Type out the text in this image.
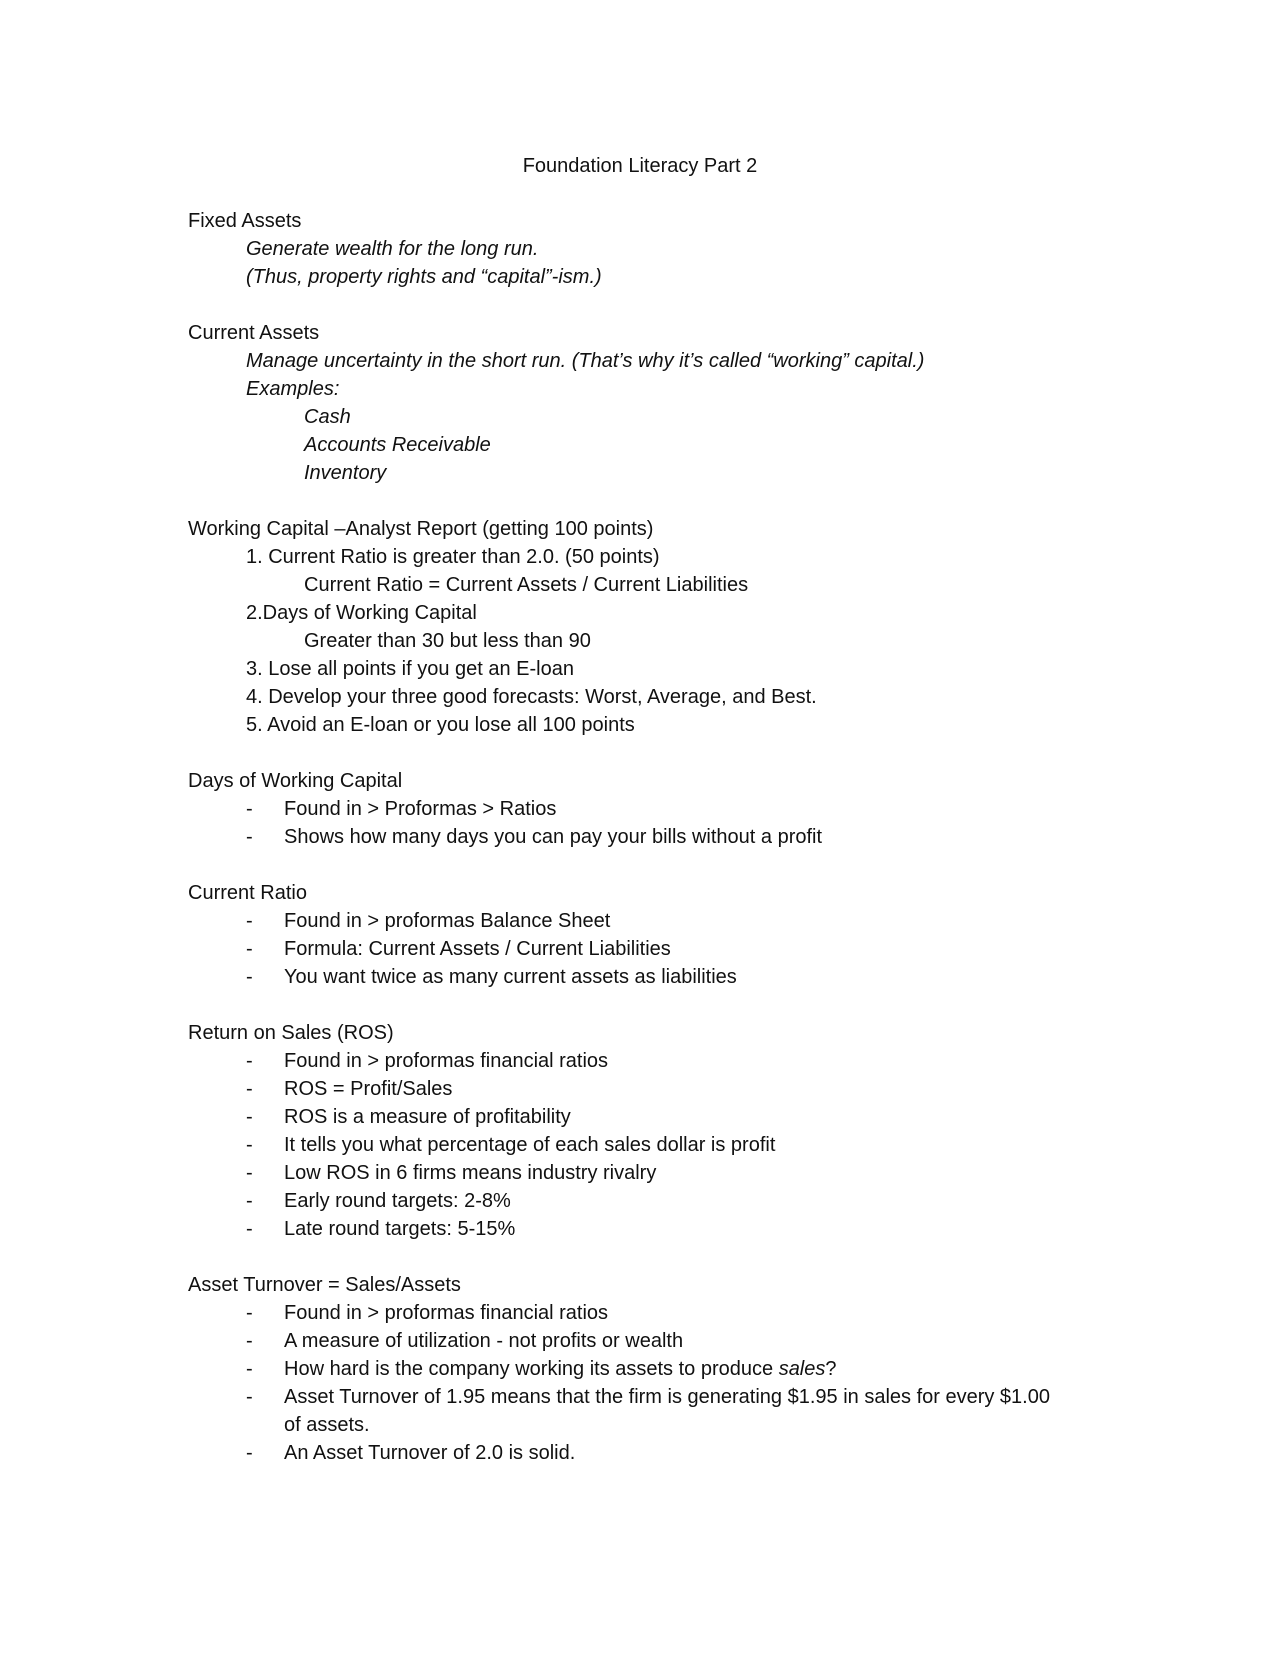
Foundation Literacy Part 2
Fixed Assets
Generate wealth for the long run.
(Thus, property rights and “capital”-ism.)
Current Assets
Manage uncertainty in the short run. (That’s why it’s called “working” capital.)
Examples:
Cash
Accounts Receivable
Inventory
Working Capital –Analyst Report (getting 100 points)
1. Current Ratio is greater than 2.0. (50 points)
Current Ratio = Current Assets / Current Liabilities
2.Days of Working Capital
Greater than 30 but less than 90
3. Lose all points if you get an E-loan
4. Develop your three good forecasts: Worst, Average, and Best.
5. Avoid an E-loan or you lose all 100 points
Days of Working Capital
- Found in > Proformas > Ratios
- Shows how many days you can pay your bills without a profit
Current Ratio
- Found in > proformas Balance Sheet
- Formula: Current Assets / Current Liabilities
- You want twice as many current assets as liabilities
Return on Sales (ROS)
- Found in > proformas financial ratios
- ROS = Profit/Sales
- ROS is a measure of profitability
- It tells you what percentage of each sales dollar is profit
- Low ROS in 6 firms means industry rivalry
- Early round targets: 2-8%
- Late round targets: 5-15%
Asset Turnover = Sales/Assets
- Found in > proformas financial ratios
- A measure of utilization - not profits or wealth
- How hard is the company working its assets to produce sales?
- Asset Turnover of 1.95 means that the firm is generating $1.95 in sales for every $1.00
of assets.
- An Asset Turnover of 2.0 is solid.
